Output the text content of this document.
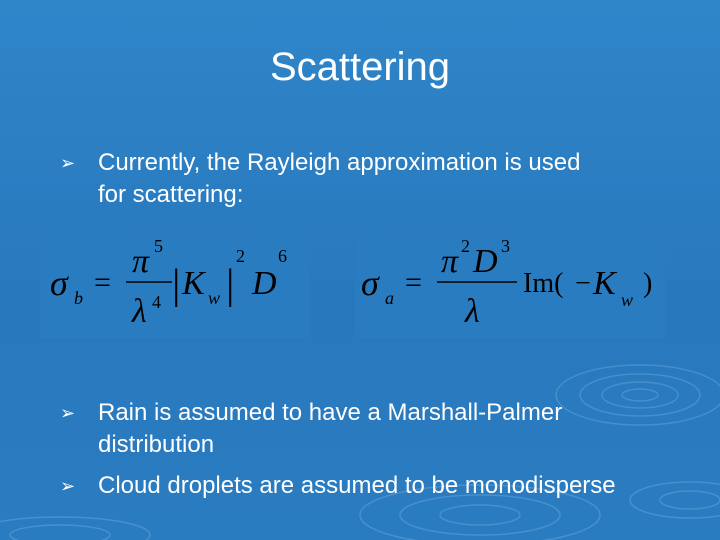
Scattering
➢ Currently, the Rayleigh approximation is used
for scattering:
σ b =
π 5
λ 4 | K w |
2
D
6
σ a =
π 2 D 3
λ
Im( − K w
)
➢ Rain is assumed to have a Marshall-Palmer
distribution
➢ Cloud droplets are assumed to be monodisperse
